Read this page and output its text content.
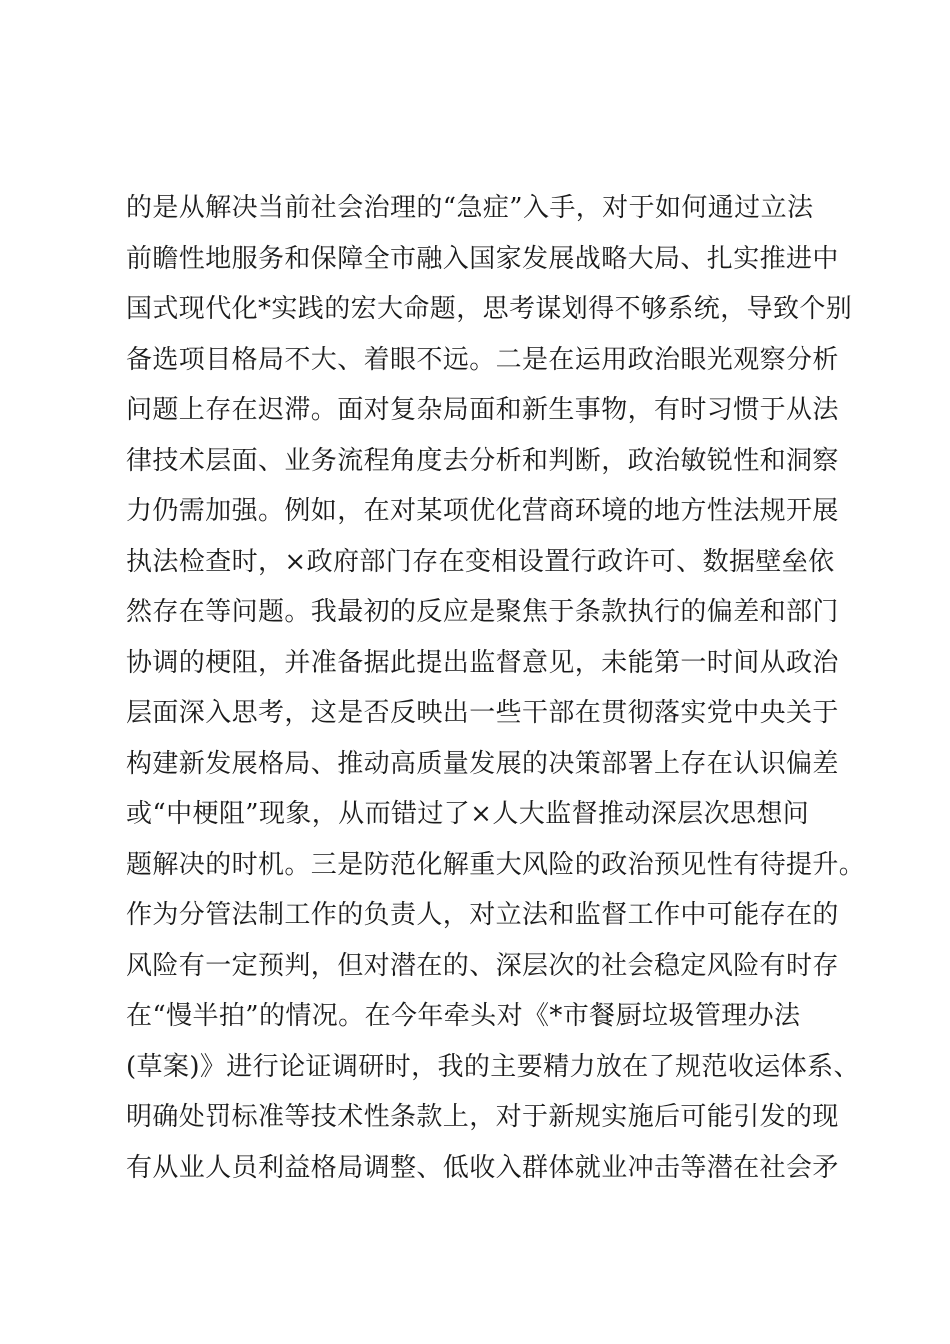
的是从解决当前社会治理的“急症”入手，对于如何通过立法
前瞻性地服务和保障全市融入国家发展战略大局、扎实推进中
国式现代化*实践的宏大命题，思考谋划得不够系统，导致个别
备选项目格局不大、着眼不远。二是在运用政治眼光观察分析
问题上存在迟滞。面对复杂局面和新生事物，有时习惯于从法
律技术层面、业务流程角度去分析和判断，政治敏锐性和洞察
力仍需加强。例如，在对某项优化营商环境的地方性法规开展
执法检查时，×政府部门存在变相设置行政许可、数据壁垒依
然存在等问题。我最初的反应是聚焦于条款执行的偏差和部门
协调的梗阻，并准备据此提出监督意见，未能第一时间从政治
层面深入思考，这是否反映出一些干部在贯彻落实党中央关于
构建新发展格局、推动高质量发展的决策部署上存在认识偏差
或“中梗阻”现象，从而错过了×人大监督推动深层次思想问
题解决的时机。三是防范化解重大风险的政治预见性有待提升。
作为分管法制工作的负责人，对立法和监督工作中可能存在的
风险有一定预判，但对潜在的、深层次的社会稳定风险有时存
在“慢半拍”的情况。在今年牵头对《*市餐厨垃圾管理办法
(草案)》进行论证调研时，我的主要精力放在了规范收运体系、
明确处罚标准等技术性条款上，对于新规实施后可能引发的现
有从业人员利益格局调整、低收入群体就业冲击等潜在社会矛
